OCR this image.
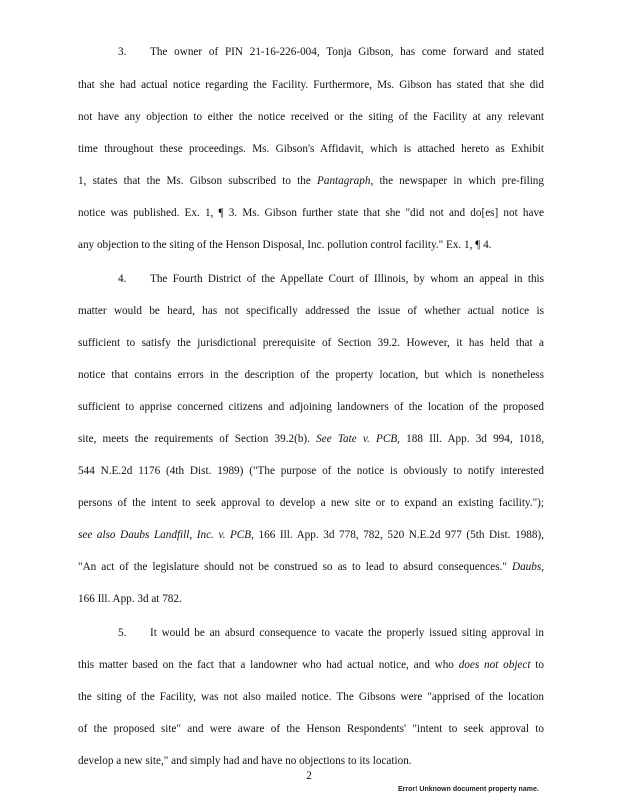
3. The owner of PIN 21-16-226-004, Tonja Gibson, has come forward and stated
that she had actual notice regarding the Facility. Furthermore, Ms. Gibson has stated that she did
not have any objection to either the notice received or the siting of the Facility at any relevant
time throughout these proceedings. Ms. Gibson's Affidavit, which is attached hereto as Exhibit
1, states that the Ms. Gibson subscribed to the Pantagraph, the newspaper in which pre-filing
notice was published. Ex. 1, ¶ 3. Ms. Gibson further state that she "did not and do[es] not have
any objection to the siting of the Henson Disposal, Inc. pollution control facility." Ex. 1, ¶ 4.
4. The Fourth District of the Appellate Court of Illinois, by whom an appeal in this
matter would be heard, has not specifically addressed the issue of whether actual notice is
sufficient to satisfy the jurisdictional prerequisite of Section 39.2. However, it has held that a
notice that contains errors in the description of the property location, but which is nonetheless
sufficient to apprise concerned citizens and adjoining landowners of the location of the proposed
site, meets the requirements of Section 39.2(b). See Tate v. PCB, 188 Ill. App. 3d 994, 1018,
544 N.E.2d 1176 (4th Dist. 1989) ("The purpose of the notice is obviously to notify interested
persons of the intent to seek approval to develop a new site or to expand an existing facility.");
see also Daubs Landfill, Inc. v. PCB, 166 Ill. App. 3d 778, 782, 520 N.E.2d 977 (5th Dist. 1988),
"An act of the legislature should not be construed so as to lead to absurd consequences." Daubs,
166 Ill. App. 3d at 782.
5. It would be an absurd consequence to vacate the properly issued siting approval in
this matter based on the fact that a landowner who had actual notice, and who does not object to
the siting of the Facility, was not also mailed notice. The Gibsons were "apprised of the location
of the proposed site" and were aware of the Henson Respondents' "intent to seek approval to
develop a new site," and simply had and have no objections to its location.
2
Error! Unknown document property name.
